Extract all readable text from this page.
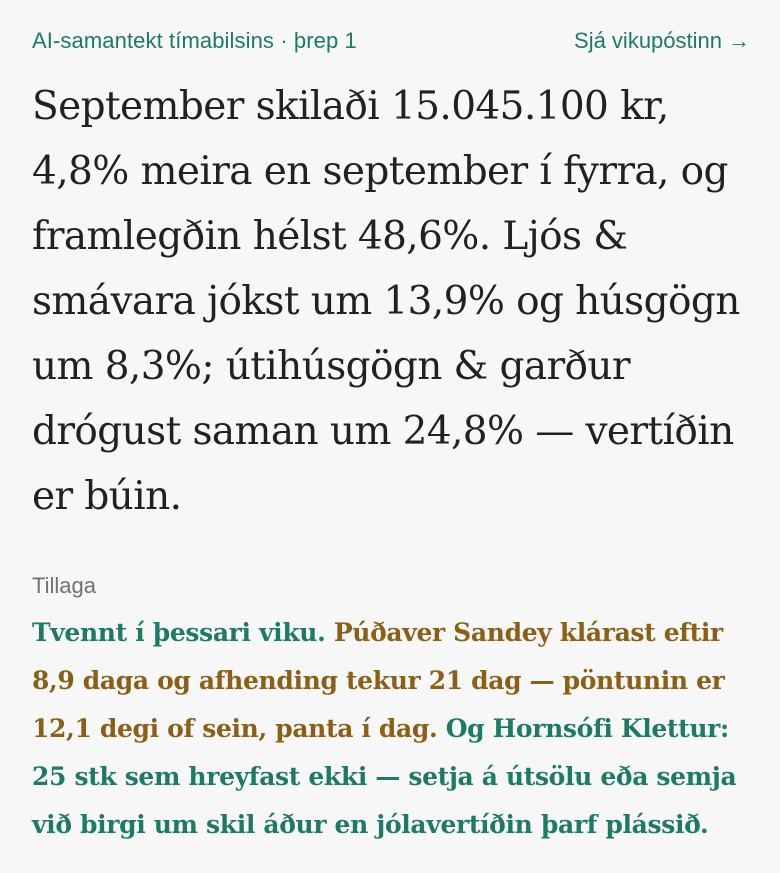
AI-samantekt tímabilsins · þrep 1	Sjá vikupóstinn →

September skilaði 15.045.100 kr, 4,8% meira en september í fyrra, og framlegðin hélst 48,6%. Ljós & smávara jókst um 13,9% og húsgögn um 8,3%; útihúsgögn & garður drógust saman um 24,8% — vertíðin er búin.

Tillaga

Tvennt í þessari viku. Púðaver Sandey klárast eftir 8,9 daga og afhending tekur 21 dag — pöntunin er 12,1 degi of sein, panta í dag. Og Hornsófi Klettur: 25 stk sem hreyfast ekki — setja á útsölu eða semja við birgi um skil áður en jólavertíðin þarf plássið.
